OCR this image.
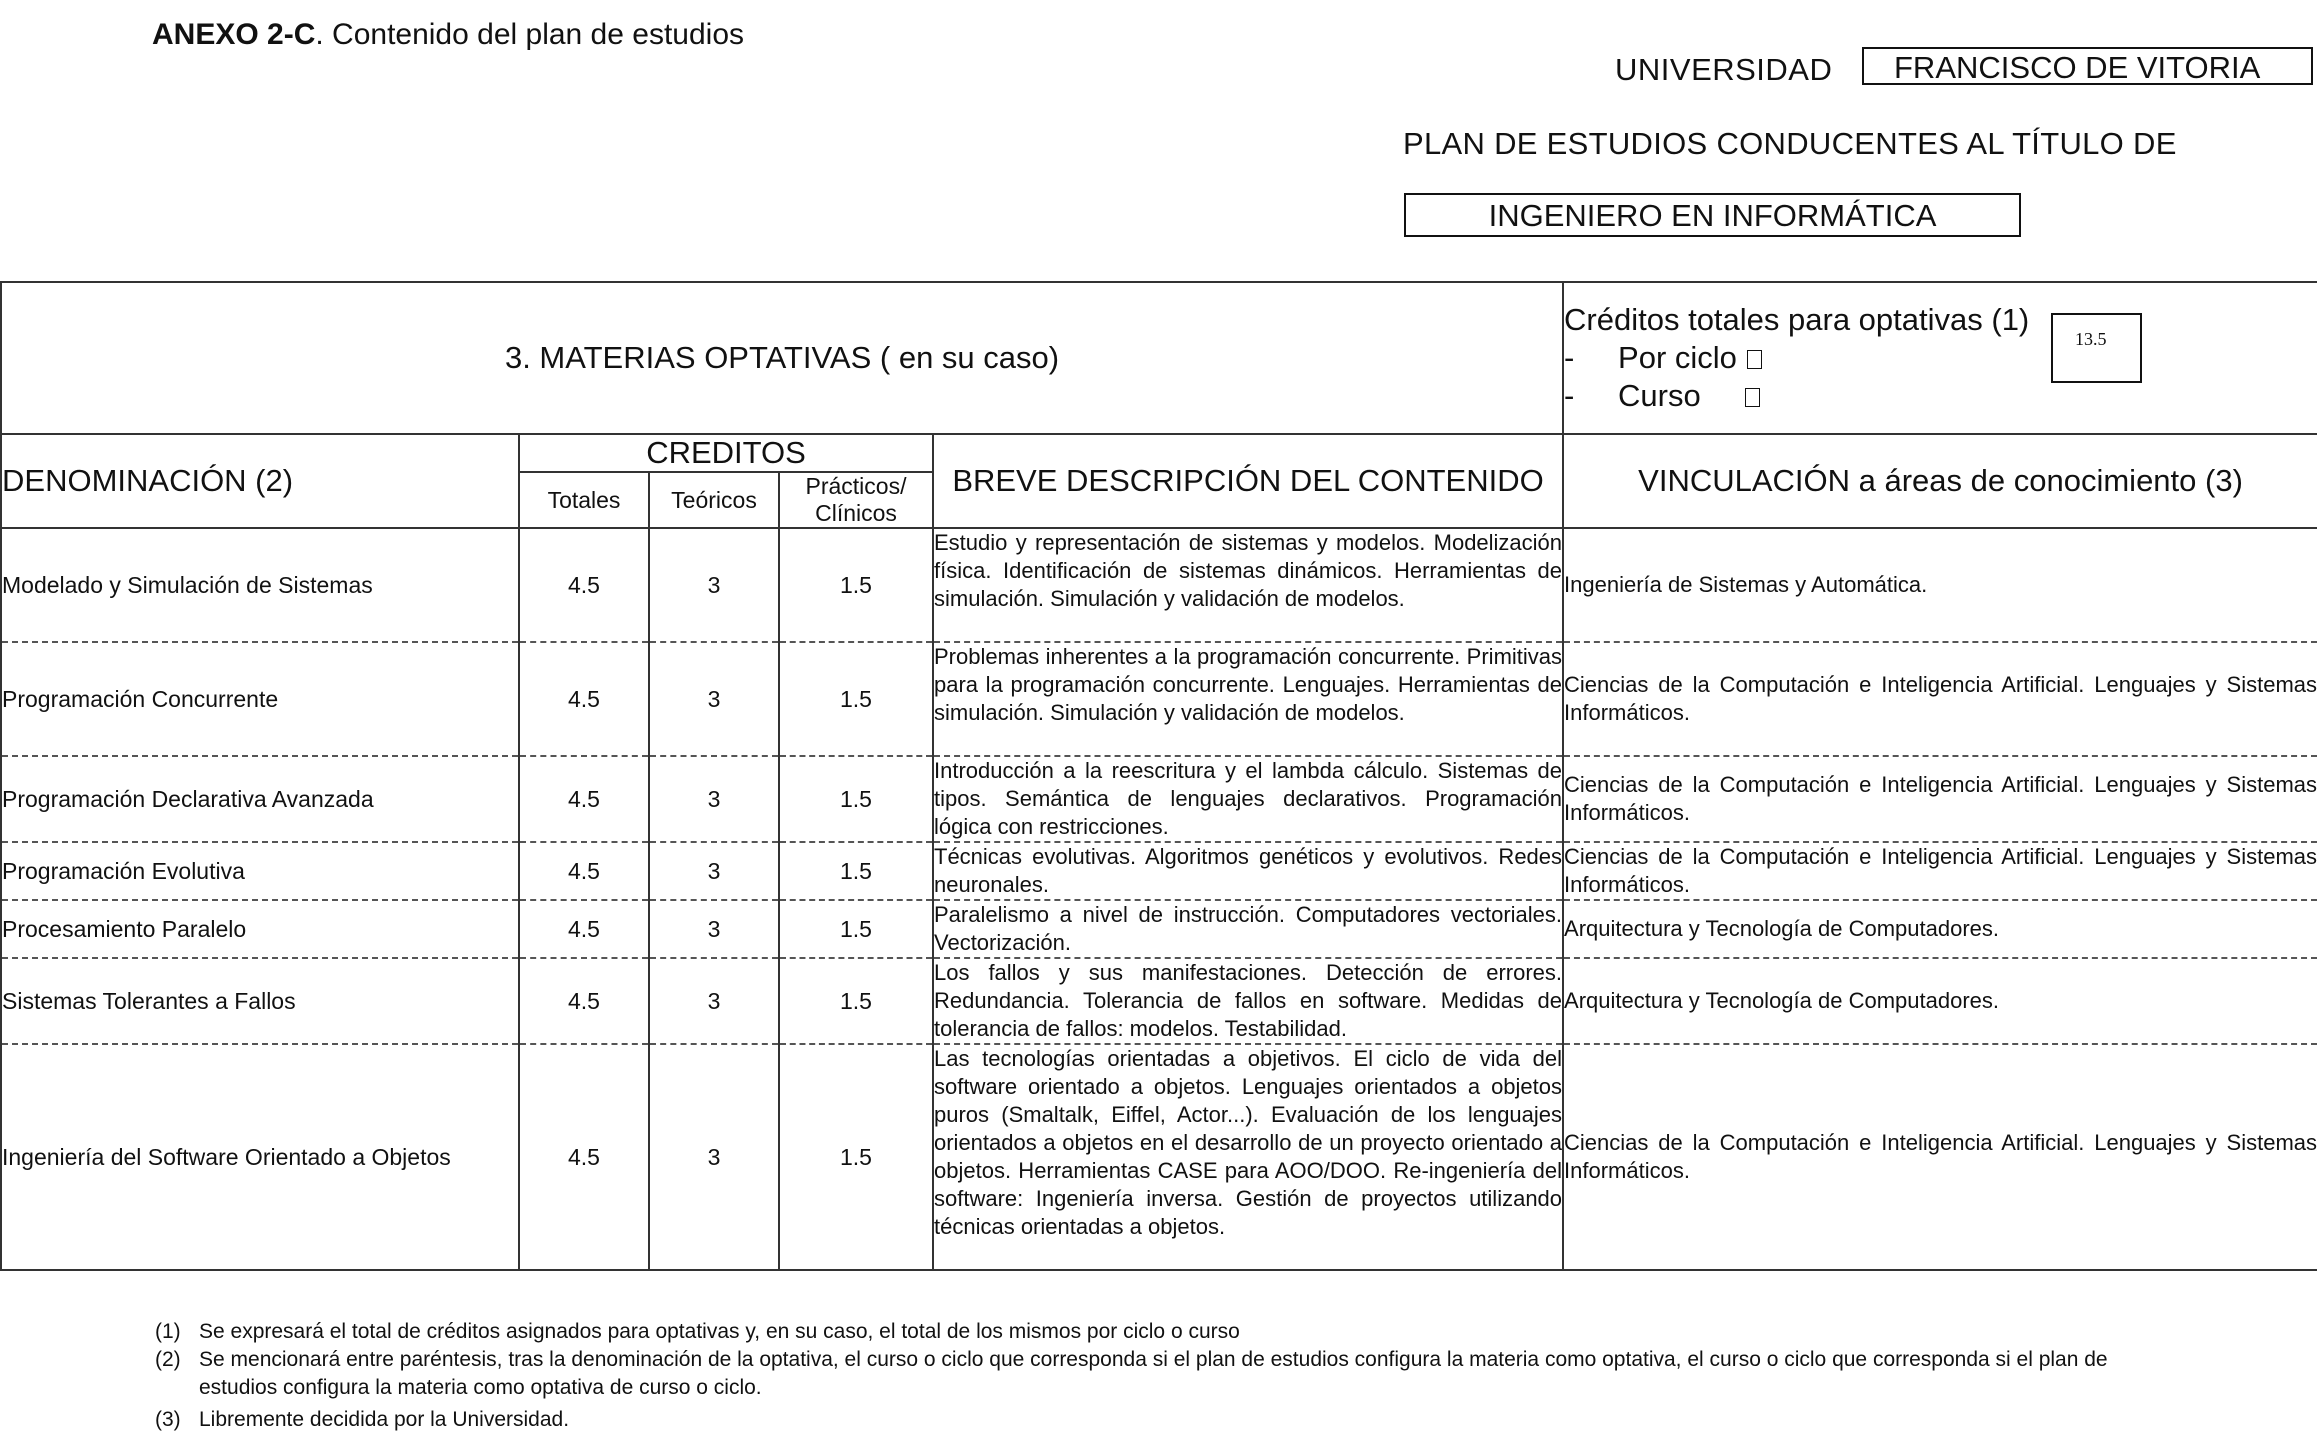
ANEXO 2-C. Contenido del plan de estudios
UNIVERSIDAD	FRANCISCO DE VITORIA
PLAN DE ESTUDIOS CONDUCENTES AL TÍTULO DE
INGENIERO EN INFORMÁTICA
3. MATERIAS OPTATIVAS ( en su caso)					Créditos totales para optativas (1)
- Por ciclo
- Curso
13.5

DENOMINACIÓN (2)	CREDITOS			BREVE DESCRIPCIÓN DEL CONTENIDO	VINCULACIÓN a áreas de conocimiento (3)
	Totales	Teóricos	Prácticos/ Clínicos		
Modelado y Simulación de Sistemas	4.5	3	1.5	Estudio y representación de sistemas y modelos. Modelización física. Identificación de sistemas dinámicos. Herramientas de simulación. Simulación y validación de modelos.	Ingeniería de Sistemas y Automática.
Programación Concurrente	4.5	3	1.5	Problemas inherentes a la programación concurrente. Primitivas para la programación concurrente. Lenguajes. Herramientas de simulación. Simulación y validación de modelos.	Ciencias de la Computación e Inteligencia Artificial. Lenguajes y Sistemas Informáticos.
Programación Declarativa Avanzada	4.5	3	1.5	Introducción a la reescritura y el lambda cálculo. Sistemas de tipos. Semántica de lenguajes declarativos. Programación lógica con restricciones.	Ciencias de la Computación e Inteligencia Artificial. Lenguajes y Sistemas Informáticos.
Programación Evolutiva	4.5	3	1.5	Técnicas evolutivas. Algoritmos genéticos y evolutivos. Redes neuronales.	Ciencias de la Computación e Inteligencia Artificial. Lenguajes y Sistemas Informáticos.
Procesamiento Paralelo	4.5	3	1.5	Paralelismo a nivel de instrucción. Computadores vectoriales. Vectorización.	Arquitectura y Tecnología de Computadores.
Sistemas Tolerantes a Fallos	4.5	3	1.5	Los fallos y sus manifestaciones. Detección de errores. Redundancia. Tolerancia de fallos en software. Medidas de tolerancia de fallos: modelos. Testabilidad.	Arquitectura y Tecnología de Computadores.
Ingeniería del Software Orientado a Objetos	4.5	3	1.5	Las tecnologías orientadas a objetivos. El ciclo de vida del software orientado a objetos. Lenguajes orientados a objetos puros (Smaltalk, Eiffel, Actor...). Evaluación de los lenguajes orientados a objetos en el desarrollo de un proyecto orientado a objetos. Herramientas CASE para AOO/DOO. Re-ingeniería del software: Ingeniería inversa. Gestión de proyectos utilizando técnicas orientadas a objetos.	Ciencias de la Computación e Inteligencia Artificial. Lenguajes y Sistemas Informáticos.
(1) Se expresará el total de créditos asignados para optativas y, en su caso, el total de los mismos por ciclo o curso
(2) Se mencionará entre paréntesis, tras la denominación de la optativa, el curso o ciclo que corresponda si el plan de estudios configura la materia como optativa, el curso o ciclo que corresponda si el plan de estudios configura la materia como optativa de curso o ciclo.
(3) Libremente decidida por la Universidad.
